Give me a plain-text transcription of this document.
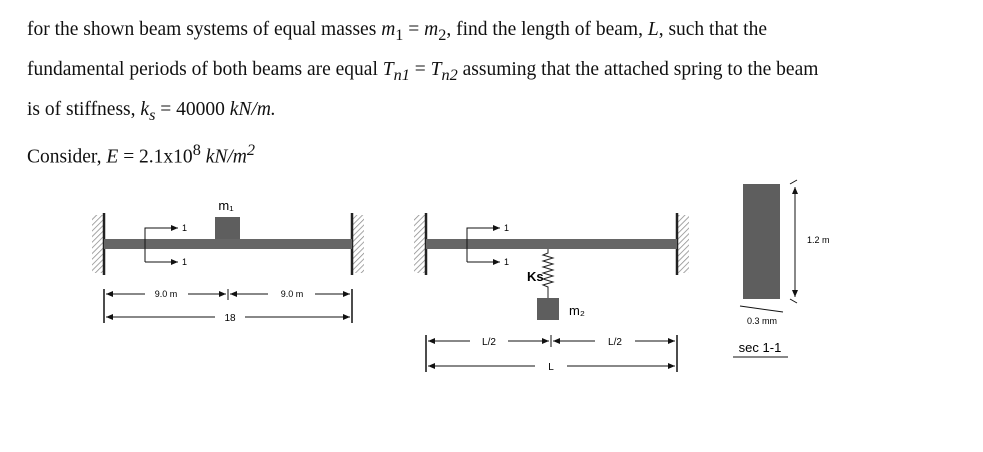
for the shown beam systems of equal masses $m_1 = m_2$, find the length of beam, L, such that the
fundamental periods of both beams are equal $T_{n1} = T_{n2}$ assuming that the attached spring to the beam
is of stiffness, $k_s = 40000$ kN/m.
Consider, $E = 2.1x10^8$ $kN/m^2$
m₁
1
1
9.0 m	9.0 m
18
Ks
m₂
1
1
L/2	L/2
L
1.2 m
0.3 mm
sec 1-1
